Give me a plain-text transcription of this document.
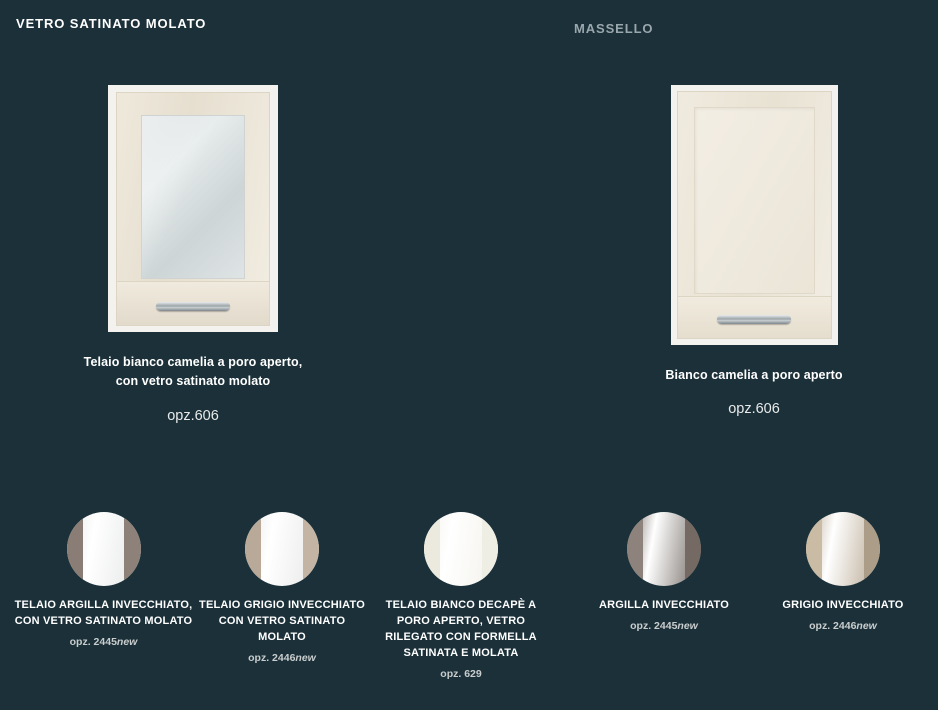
VETRO SATINATO MOLATO	MASSELLO
Telaio bianco camelia a poro aperto, con vetro satinato molato
opz.606
Bianco camelia a poro aperto
opz.606
TELAIO ARGILLA INVECCHIATO, CON VETRO SATINATO MOLATO
opz. 2445new
TELAIO GRIGIO INVECCHIATO CON VETRO SATINATO MOLATO
opz. 2446new
TELAIO BIANCO DECAPÈ A PORO APERTO, VETRO RILEGATO CON FORMELLA SATINATA E MOLATA
opz. 629
ARGILLA INVECCHIATO
opz. 2445new
GRIGIO INVECCHIATO
opz. 2446new
